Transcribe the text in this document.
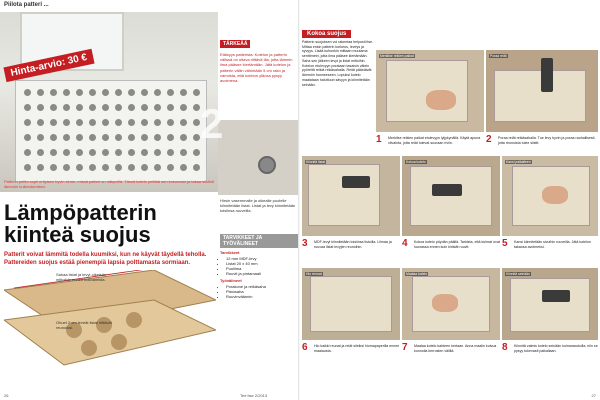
Piilota patteri ...
Hinta-arvio: 30 €
Patterin peitto sopii erityisen hyvin sinne, missä patteri on näkyvillä. Tässä kotelo peittää sen kokonaan ja takaa siististi lämmön kulkeutumisen.
TÄRKEÄÄ
Etäisyys patterista: Kotelon ja patterin välissä on oltava riittävä tila, jotta lämmin ilma pääsee kiertämään. Jätä kotelon ja patterin väliin vähintään 5 cm rako ja varmista, että kotelon yläosa pysyy avoimena.
2
Hirsin vasemmalle ja oikealle puolelle kiinnitetään listat. Listat ja levy kiinnitetään toisiinsa ruuveilla.
Lämpöpatterin
kiinteä suojus
Patterit voivat lämmitä todella kuumiksi, kun ne käyvät täydellä teholla. Pattereiden suojus estää pienempiä lapsia polttamasta sormiaan.
Sahaa listat ja levyt oikeisiin mittoihin ennen kokoamista.
Ohuet 2 cm leveät listat riittävät reunoiksi.
TARVIKKEET JA TYÖVÄLINEET
Tarvikkeet
• 12 mm MDF-levy
• Listat 20 x 40 mm
• Puuliima
• Ruuvit ja pintamaali
Työvälineet
• Porakone ja reikäsaha
• Pistosaha
• Ruuvinväännin
26	Tee itse 2/2013
Kokoa suojus
Patterin suojuksen voi rakentaa helposti itse. Mittaa ensin patterin korkeus, leveys ja syvyys. Lisää kuhunkin mittaan muutama senttimetri, jotta ilma pääsee kiertämään. Saha sen jälkeen levyt ja listat mittoihin. Kotelon etulevyyn porataan tasaisin välein pyöreitä reikiä reikäsahalla. Reiät päästävät lämmön huoneeseen. Lopuksi kotelo maalataan haluttuun sävyyn ja kiinnitetään seinään.
Merkitse reikien paikat
1 Merkitse reikien paikat etulevyyn lyijykynällä. Käytä apuna viivainta, jotta reiät tulevat suoraan riviin.
Poraa reiät
2 Poraa reiät reikäsahalla. Tue levy hyvin ja poraa rauhallisesti, jotta reunoista tulee siistit.
Kiinnitä listat
3 MDF-levyt kiinnitetään toisiinsa listoilla. Liimaa ja ruuvaa listat levyjen reunoihin.
Kokoa kotelo
4 Kokoa kotelo pöydän päällä. Tarkista, että kulmat ovat suorassa ennen kuin kiristät ruuvit.
Kansi paikalleen
5 Kansi kiinnitetään sivuihin ruuveilla. Jätä kotelon takaosa avoimeksi.
Hio reunat
6 Hio kaikki reunat ja reiät sileiksi hiomapaperilla ennen maalausta.
Maalaa kotelo
7 Maalaa kotelo kahteen kertaan. Anna maalin kuivua kunnolla kerrosten välillä.
Kiinnitä seinään
8 Kiinnitä valmis kotelo seinään kulmaraudoilla, niin se pysyy tukevasti paikallaan.
27
